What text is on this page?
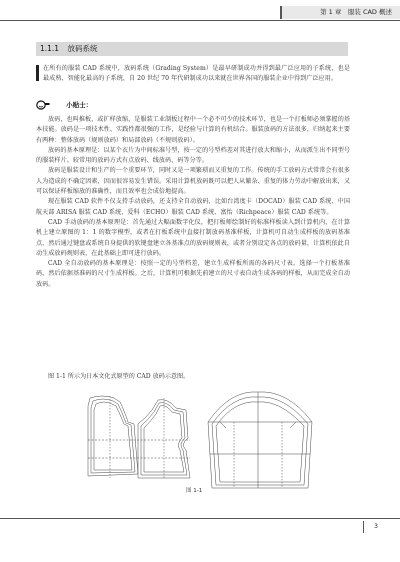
第 1 章　服装 CAD 概述
1.1.1 放码系统
在所有的服装 CAD 系统中，放码系统（Grading System）是最早研制成功并得到最广泛应用的子系统，也是最成熟、智能化最高的子系统，自 20 世纪 70 年代研制成功以来就在世界各国的服装企业中得到广泛应用。
小贴士：
放码，也叫推板，或扩样放缩，是服装工业制板过程中一个必不可少的技术环节，也是一个打板师必须掌握的基本技能。放码是一项技术性、实践性都很强的工作，是经验与计算的有机结合。服装放码的方法很多，归纳起来主要有两种：整体放码（规则放码）和局部放码（不规则放码）。
放码的基本原理是：以某个衣片为中间标准号型，按一定的号型档差对其进行放大和缩小，从而派生出不同型号的服装样片。较常用的放码方式有点放码、线放码、码等分等。
放码是服装设计和生产的一个重要环节，同时又是一项繁琐而又重复的工作。传统的手工放码方式常常会有很多人为造成的不确定因素，因而很容易发生错误。采用计算机放码既可以把人从繁杂、重复的体力劳动中解放出来，又可以保证样板缩放的准确性，而且效率也会成倍地提高。
现在服装 CAD 软件不仅支持手动放码，还支持全自动放码，比如台湾度卡（DOCAD）服装 CAD 系统、中国航天部 ARISA 服装 CAD 系统、爱科（ECHO）服装 CAD 系统、富怡（Richpeace）服装 CAD 系统等。
CAD 手动放码的基本原理是：首先通过大幅面数字化仪，把打板师绘制好的标准样板读入到计算机内，在计算机上建立原图的 1：1 的数字模型，或者在打板系统中直接打制放码基准样板，计算机可自动生成样板的放码基准点，然后通过键盘或系统自身提供的软键盘建立各基准点的放码规则表，或者分别设定各点的放码量，计算机依此自动生成放码规则表，在此基础上即可进行放码。
CAD 全自动放码的基本原理是：按照一定的号型档差，建立生成样板所需的各码尺寸表，选择一个打板基准码，然后依据基准码的尺寸生成样板。之后，计算机可根据先前建立的尺寸表自动生成各码的样板，从而完成全自动放码。
图 1-1 所示为日本文化式原型的 CAD 放码示意图。
图 1-1
3
